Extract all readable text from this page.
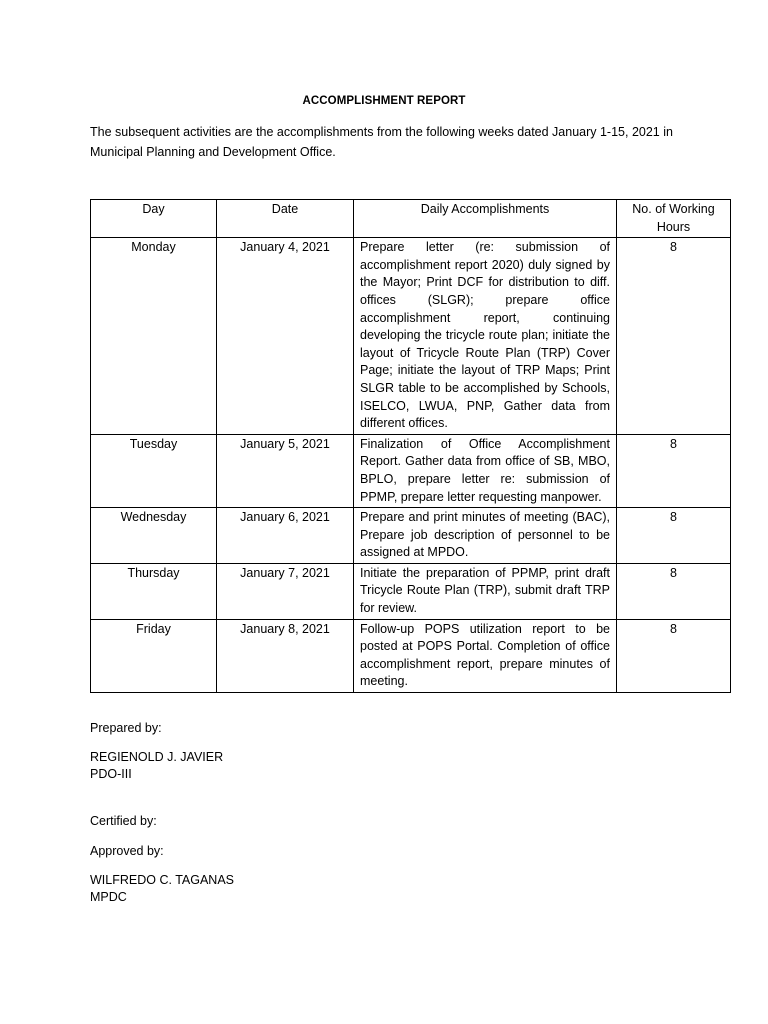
ACCOMPLISHMENT REPORT
The subsequent activities are the accomplishments from the following weeks dated January 1-15, 2021 in Municipal Planning and Development Office.
Day	Date	Daily Accomplishments	No. of Working Hours
Monday	January 4, 2021	Prepare letter (re: submission of accomplishment report 2020) duly signed by the Mayor; Print DCF for distribution to diff. offices (SLGR); prepare office accomplishment report, continuing developing the tricycle route plan; initiate the layout of Tricycle Route Plan (TRP) Cover Page; initiate the layout of TRP Maps; Print SLGR table to be accomplished by Schools, ISELCO, LWUA, PNP, Gather data from different offices.	8
Tuesday	January 5, 2021	Finalization of Office Accomplishment Report. Gather data from office of SB, MBO, BPLO, prepare letter re: submission of PPMP, prepare letter requesting manpower.	8
Wednesday	January 6, 2021	Prepare and print minutes of meeting (BAC), Prepare job description of personnel to be assigned at MPDO.	8
Thursday	January 7, 2021	Initiate the preparation of PPMP, print draft Tricycle Route Plan (TRP), submit draft TRP for review.	8
Friday	January 8, 2021	Follow-up POPS utilization report to be posted at POPS Portal. Completion of office accomplishment report, prepare minutes of meeting.	8
Prepared by:
REGIENOLD J. JAVIER
PDO-III
Certified by:
Approved by:
WILFREDO C. TAGANAS
MPDC
